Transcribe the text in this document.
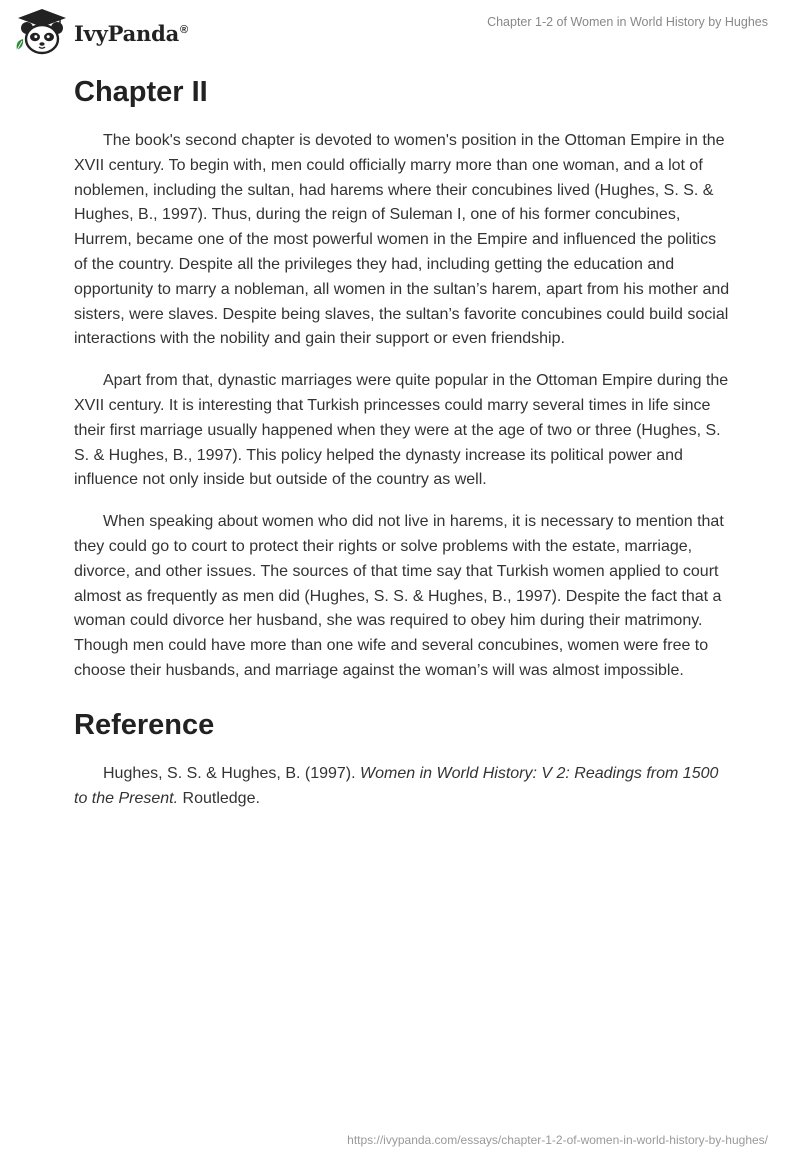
IvyPanda®
Chapter 1-2 of Women in World History by Hughes
Chapter II

The book's second chapter is devoted to women's position in the Ottoman Empire in the XVII century. To begin with, men could officially marry more than one woman, and a lot of noblemen, including the sultan, had harems where their concubines lived (Hughes, S. S. & Hughes, B., 1997). Thus, during the reign of Suleman I, one of his former concubines, Hurrem, became one of the most powerful women in the Empire and influenced the politics of the country. Despite all the privileges they had, including getting the education and opportunity to marry a nobleman, all women in the sultan’s harem, apart from his mother and sisters, were slaves. Despite being slaves, the sultan’s favorite concubines could build social interactions with the nobility and gain their support or even friendship.

Apart from that, dynastic marriages were quite popular in the Ottoman Empire during the XVII century. It is interesting that Turkish princesses could marry several times in life since their first marriage usually happened when they were at the age of two or three (Hughes, S. S. & Hughes, B., 1997). This policy helped the dynasty increase its political power and influence not only inside but outside of the country as well.

When speaking about women who did not live in harems, it is necessary to mention that they could go to court to protect their rights or solve problems with the estate, marriage, divorce, and other issues. The sources of that time say that Turkish women applied to court almost as frequently as men did (Hughes, S. S. & Hughes, B., 1997). Despite the fact that a woman could divorce her husband, she was required to obey him during their matrimony. Though men could have more than one wife and several concubines, women were free to choose their husbands, and marriage against the woman’s will was almost impossible.

Reference

Hughes, S. S. & Hughes, B. (1997). Women in World History: V 2: Readings from 1500 to the Present. Routledge.

https://ivypanda.com/essays/chapter-1-2-of-women-in-world-history-by-hughes/
